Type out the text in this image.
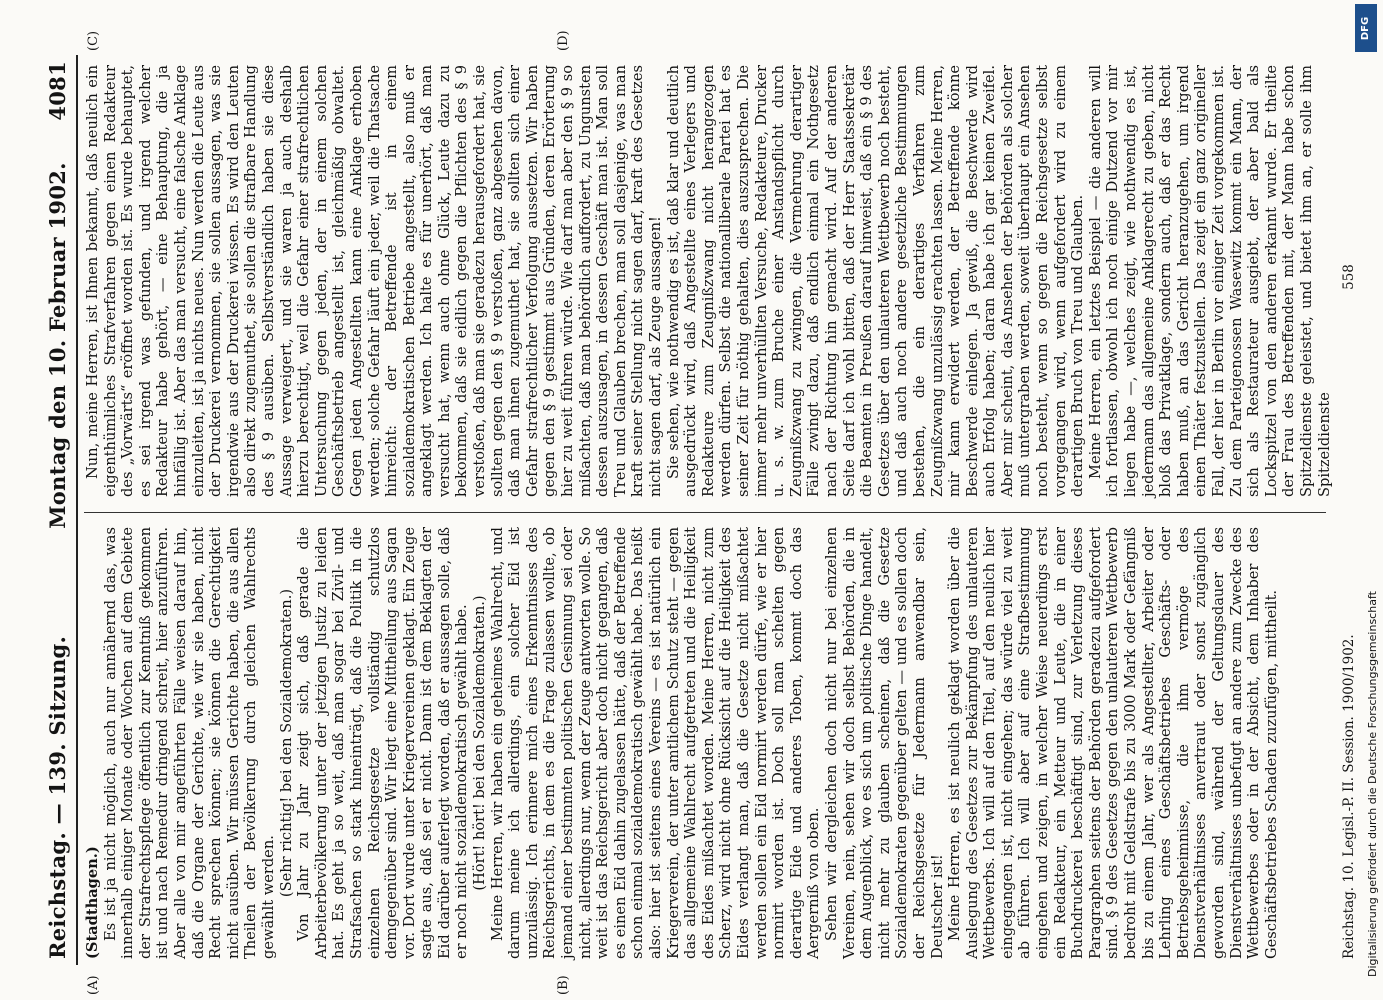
Reichstag. — 139. Sitzung.
Montag den 10. Februar 1902.
4081
(A)	(B)
(C)	(D)

(Stadthagen.) Es ist ja nicht möglich, auch nur annähernd das, was innerhalb einiger Monate oder Wochen auf dem Gebiete der Strafrechtspflege öffentlich zur Kenntniß gekommen ist und nach Remedur dringend schreit, hier anzuführen. Aber alle von mir angeführten Fälle weisen darauf hin, daß die Organe der Gerichte, wie wir sie haben, nicht Recht sprechen können; sie können die Gerechtigkeit nicht ausüben. Wir müssen Gerichte haben, die aus allen Theilen der Bevölkerung durch gleichen Wahlrechts gewählt werden. (Sehr richtig! bei den Sozialdemokraten.) Von Jahr zu Jahr zeigt sich, daß gerade die Arbeiterbevölkerung unter der jetzigen Justiz zu leiden hat. Es geht ja so weit, daß man sogar bei Zivil- und Strafsachen so stark hineinträgt, daß die Politik in die einzelnen Reichsgesetze vollständig schutzlos demgegenüber sind. Wir liegt eine Mittheilung aus Sagan vor. Dort wurde unter Kriegervereinen geklagt. Ein Zeuge sagte aus, daß sei er nicht. Dann ist dem Beklagten der Eid darüber auferlegt worden, daß er aussagen solle, daß er noch nicht sozialdemokratisch gewählt habe. (Hört! hört! bei den Sozialdemokraten.) Meine Herren, wir haben ein geheimes Wahlrecht, und darum meine ich allerdings, ein solcher Eid ist unzulässig. Ich erinnere mich eines Erkenntnisses des Reichsgerichts, in dem es die Frage zulassen wollte, ob jemand einer bestimmten politischen Gesinnung sei oder nicht, allerdings nur, wenn der Zeuge antworten wolle. So weit ist das Reichsgericht aber doch nicht gegangen, daß es einen Eid dahin zugelassen hätte, daß der Betreffende schon einmal sozialdemokratisch gewählt habe. Das heißt also: hier ist seitens eines Vereins — es ist natürlich ein Kriegerverein, der unter amtlichem Schutz steht — gegen das allgemeine Wahlrecht aufgetreten und die Heiligkeit des Eides mißachtet worden. Meine Herren, nicht zum Scherz, wird nicht ohne Rücksicht auf die Heiligkeit des Eides verlangt man, daß die Gesetze nicht mißachtet werden sollen ein Eid normirt werden dürfe, wie er hier normirt worden ist. Doch soll man schelten gegen derartige Eide und anderes Toben, kommt doch das Aergerniß von oben. Sehen wir dergleichen doch nicht nur bei einzelnen Vereinen, nein, sehen wir doch selbst Behörden, die in dem Augenblick, wo es sich um politische Dinge handelt, nicht mehr zu glauben scheinen, daß die Gesetze Sozialdemokraten gegenüber gelten — und es sollen doch der Reichsgesetze für Jedermann anwendbar sein, Deutscher ist! Meine Herren, es ist neulich geklagt worden über die Auslegung des Gesetzes zur Bekämpfung des unlauteren Wettbewerbs. Ich will auf den Titel, auf den neulich hier eingegangen ist, nicht eingehen; das würde viel zu weit ab führen. Ich will aber auf eine Strafbestimmung eingehen und zeigen, in welcher Weise neuerdings erst ein Redakteur, ein Metteur und Leute, die in einer Buchdruckerei beschäftigt sind, zur Verletzung dieses Paragraphen seitens der Behörden geradezu aufgefordert sind. § 9 des Gesetzes gegen den unlauteren Wettbewerb bedroht mit Geldstrafe bis zu 3000 Mark oder Gefängniß bis zu einem Jahr, wer als Angestellter, Arbeiter oder Lehrling eines Geschäftsbetriebes Geschäfts- oder Betriebsgeheimnisse, die ihm vermöge des Dienstverhältnisses anvertraut oder sonst zugänglich geworden sind, während der Geltungsdauer des Dienstverhältnisses unbefugt an andere zum Zwecke des Wettbewerbes oder in der Absicht, dem Inhaber des Geschäftsbetriebes Schaden zuzufügen, mittheilt.

Nun, meine Herren, ist Ihnen bekannt, daß neulich ein eigenthümliches Strafverfahren gegen einen Redakteur des „Vorwärts“ eröffnet worden ist. Es wurde behauptet, es sei irgend was gefunden, und irgend welcher Redakteur habe gehört, — eine Behauptung, die ja hinfällig ist. Aber das man versucht, eine falsche Anklage einzuleiten, ist ja nichts neues. Nun werden die Leute aus der Druckerei vernommen, sie sollen aussagen, was sie irgendwie aus der Druckerei wissen. Es wird den Leuten also direkt zugemuthet, sie sollen die strafbare Handlung des § 9 ausüben. Selbstverständlich haben sie diese Aussage verweigert, und sie waren ja auch deshalb hierzu berechtigt, weil die Gefahr einer strafrechtlichen Untersuchung gegen jeden, der in einem solchen Geschäftsbetrieb angestellt ist, gleichmäßig obwaltet. Gegen jeden Angestellten kann eine Anklage erhoben werden; solche Gefahr läuft ein jeder, weil die Thatsache hinreicht: der Betreffende ist in einem sozialdemokratischen Betriebe angestellt, also muß er angeklagt werden. Ich halte es für unerhört, daß man versucht hat, wenn auch ohne Glück, Leute dazu zu bekommen, daß sie eidlich gegen die Pflichten des § 9 verstoßen, daß man sie geradezu herausgefordert hat, sie sollten gegen den § 9 verstoßen, ganz abgesehen davon, daß man ihnen zugemuthet hat, sie sollten sich einer Gefahr strafrechtlicher Verfolgung aussetzen. Wir haben gegen den § 9 gestimmt aus Gründen, deren Erörterung hier zu weit führen würde. Wie darf man aber den § 9 so mißachten, daß man behördlich auffordert, zu Ungunsten dessen auszusagen, in dessen Geschäft man ist. Man soll Treu und Glauben brechen, man soll dasjenige, was man kraft seiner Stellung nicht sagen darf, kraft des Gesetzes nicht sagen darf, als Zeuge aussagen! Sie sehen, wie nothwendig es ist, daß klar und deutlich ausgedrückt wird, daß Angestellte eines Verlegers und Redakteure zum Zeugnißzwang nicht herangezogen werden dürfen. Selbst die nationalliberale Partei hat es seiner Zeit für nöthig gehalten, dies auszusprechen. Die immer mehr unverhüllten Versuche, Redakteure, Drucker u. s. w. zum Bruche einer Anstandspflicht durch Zeugnißzwang zu zwingen, die Vermehrung derartiger Fälle zwingt dazu, daß endlich einmal ein Nothgesetz nach der Richtung hin gemacht wird. Auf der anderen Seite darf ich wohl bitten, daß der Herr Staatssekretär die Beamten in Preußen darauf hinweist, daß ein § 9 des Gesetzes über den unlauteren Wettbewerb noch besteht, und daß auch noch andere gesetzliche Bestimmungen bestehen, die ein derartiges Verfahren zum Zeugnißzwang unzulässig erachten lassen. Meine Herren, mir kann erwidert werden, der Betreffende könne Beschwerde einlegen. Ja gewiß, die Beschwerde wird auch Erfolg haben; daran habe ich gar keinen Zweifel. Aber mir scheint, das Ansehen der Behörden als solcher muß untergraben werden, soweit überhaupt ein Ansehen noch besteht, wenn so gegen die Reichsgesetze selbst vorgegangen wird, wenn aufgefordert wird zu einem derartigen Bruch von Treu und Glauben. Meine Herren, ein letztes Beispiel — die anderen will ich fortlassen, obwohl ich noch einige Dutzend vor mir liegen habe —, welches zeigt, wie nothwendig es ist, jedermann das allgemeine Anklagerecht zu geben, nicht bloß das Privatklage, sondern auch, daß er das Recht haben muß, an das Gericht heranzugehen, um irgend einen Thäter festzustellen. Das zeigt ein ganz origineller Fall, der hier in Berlin vor einiger Zeit vorgekommen ist. Zu dem Parteigenossen Wasewitz kommt ein Mann, der sich als Restaurateur ausgiebt, der aber bald als Lockspitzel von den anderen erkannt wurde. Er theilte der Frau des Betreffenden mit, der Mann habe schon Spitzeldienste geleistet, und bietet ihm an, er solle ihm Spitzeldienste

Reichstag. 10. Legisl.-P. II. Session. 1900/1902.
558
DFG
Digitalisierung gefördert durch die Deutsche Forschungsgemeinschaft
